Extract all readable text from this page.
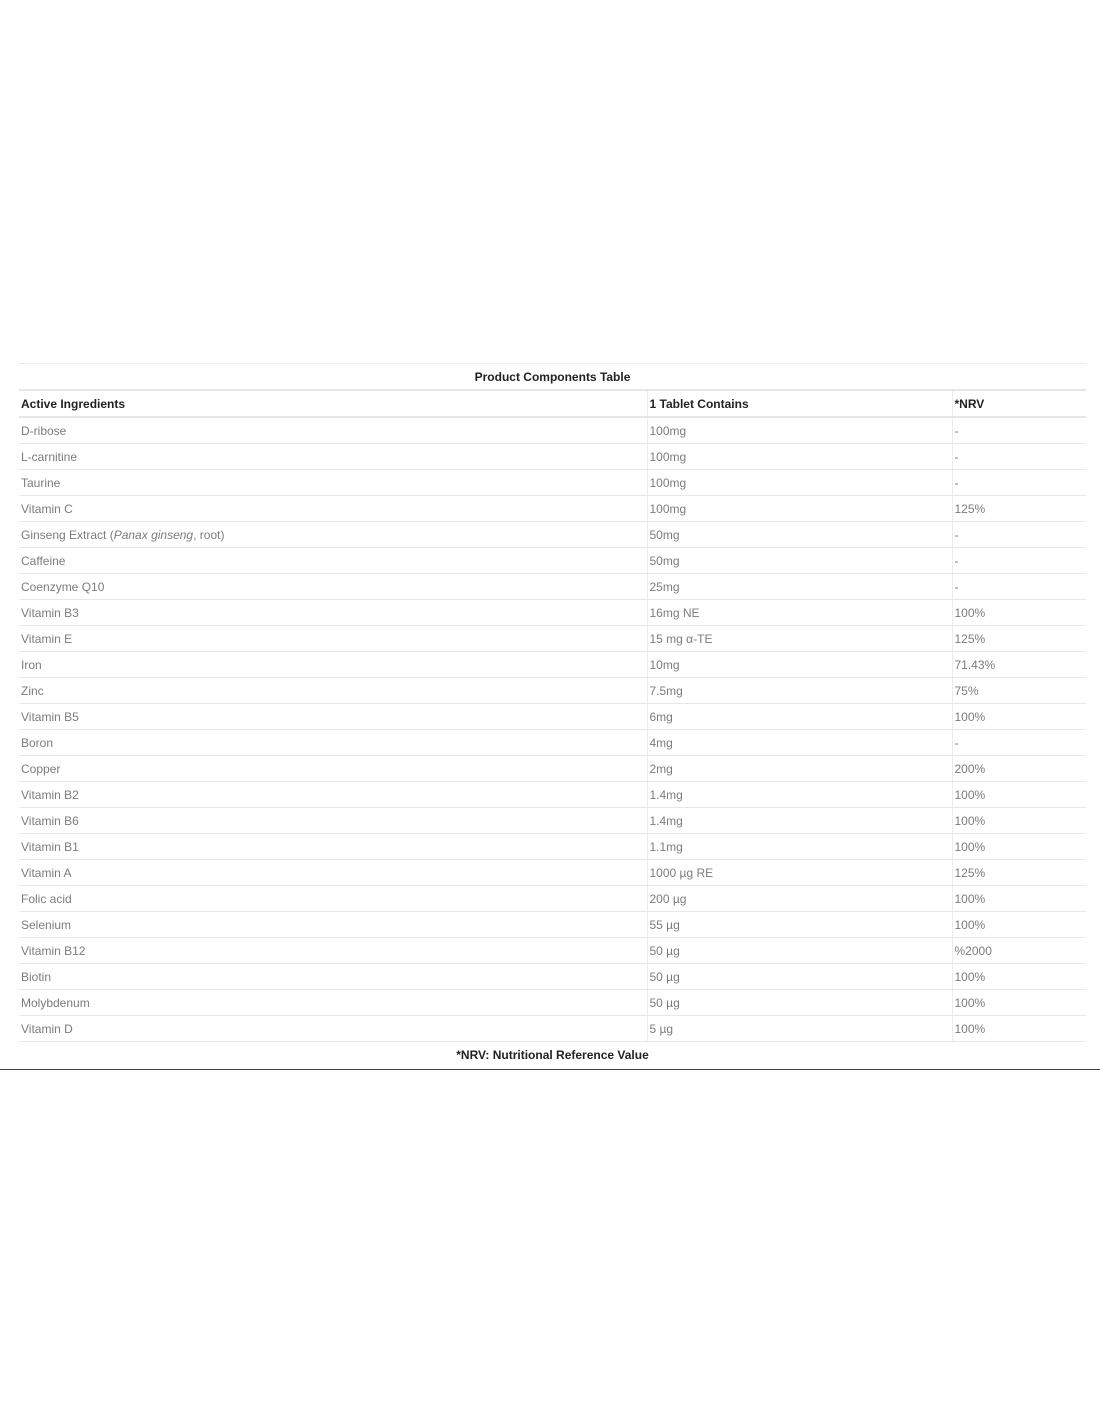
Product Components Table		
Active Ingredients	1 Tablet Contains	*NRV
D-ribose	100mg	-
L-carnitine	100mg	-
Taurine	100mg	-
Vitamin C	100mg	125%
Ginseng Extract (Panax ginseng, root)	50mg	-
Caffeine	50mg	-
Coenzyme Q10	25mg	-
Vitamin B3	16mg NE	100%
Vitamin E	15 mg α-TE	125%
Iron	10mg	71.43%
Zinc	7.5mg	75%
Vitamin B5	6mg	100%
Boron	4mg	-
Copper	2mg	200%
Vitamin B2	1.4mg	100%
Vitamin B6	1.4mg	100%
Vitamin B1	1.1mg	100%
Vitamin A	1000 µg RE	125%
Folic acid	200 µg	100%
Selenium	55 µg	100%
Vitamin B12	50 µg	%2000
Biotin	50 µg	100%
Molybdenum	50 µg	100%
Vitamin D	5 µg	100%
*NRV: Nutritional Reference Value		
